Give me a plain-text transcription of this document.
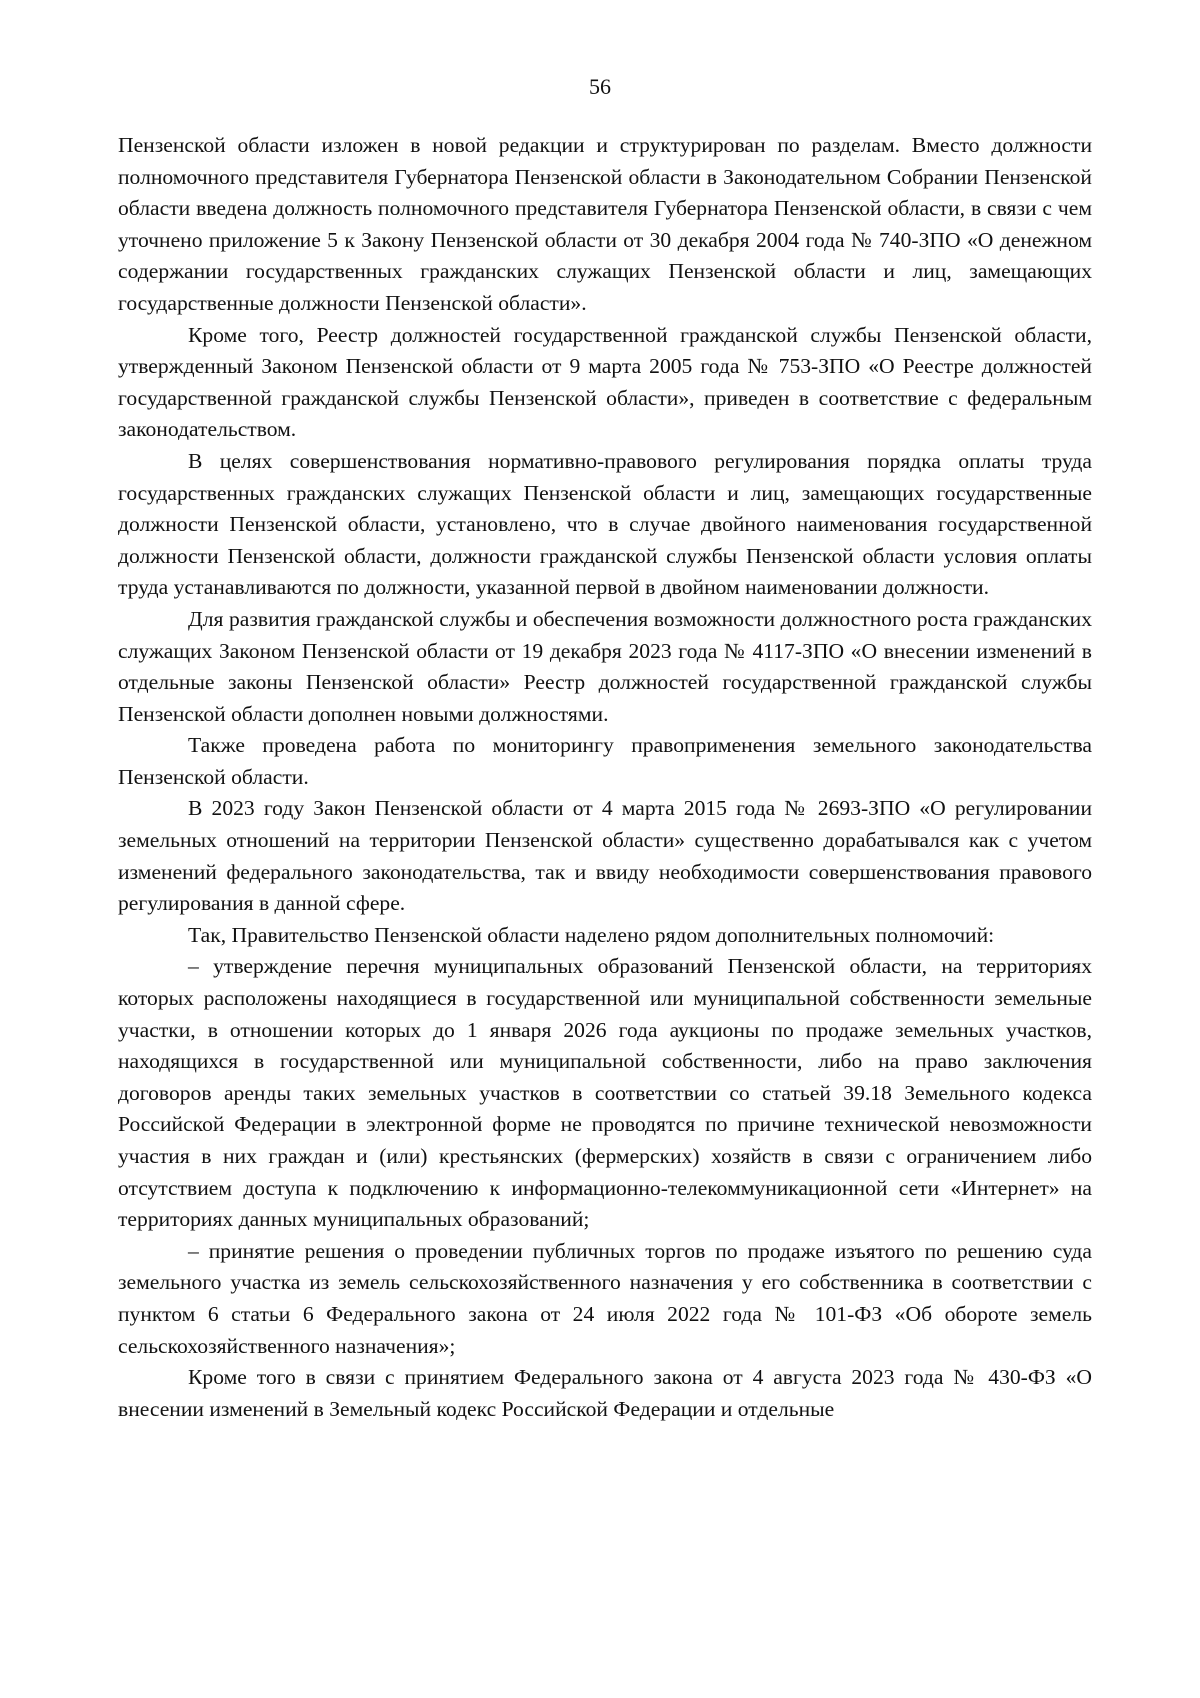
56

Пензенской области изложен в новой редакции и структурирован по разделам. Вместо должности полномочного представителя Губернатора Пензенской области в Законодательном Собрании Пензенской области введена должность полномочного представителя Губернатора Пензенской области, в связи с чем уточнено приложение 5 к Закону Пензенской области от 30 декабря 2004 года № 740-ЗПО «О денежном содержании государственных гражданских служащих Пензенской области и лиц, замещающих государственные должности Пензенской области».

Кроме того, Реестр должностей государственной гражданской службы Пензенской области, утвержденный Законом Пензенской области от 9 марта 2005 года № 753-ЗПО «О Реестре должностей государственной гражданской службы Пензенской области», приведен в соответствие с федеральным законодательством.

В целях совершенствования нормативно-правового регулирования порядка оплаты труда государственных гражданских служащих Пензенской области и лиц, замещающих государственные должности Пензенской области, установлено, что в случае двойного наименования государственной должности Пензенской области, должности гражданской службы Пензенской области условия оплаты труда устанавливаются по должности, указанной первой в двойном наименовании должности.

Для развития гражданской службы и обеспечения возможности должностного роста гражданских служащих Законом Пензенской области от 19 декабря 2023 года № 4117-ЗПО «О внесении изменений в отдельные законы Пензенской области» Реестр должностей государственной гражданской службы Пензенской области дополнен новыми должностями.

Также проведена работа по мониторингу правоприменения земельного законодательства Пензенской области.

В 2023 году Закон Пензенской области от 4 марта 2015 года № 2693-ЗПО «О регулировании земельных отношений на территории Пензенской области» существенно дорабатывался как с учетом изменений федерального законодательства, так и ввиду необходимости совершенствования правового регулирования в данной сфере.

Так, Правительство Пензенской области наделено рядом дополнительных полномочий:

– утверждение перечня муниципальных образований Пензенской области, на территориях которых расположены находящиеся в государственной или муниципальной собственности земельные участки, в отношении которых до 1 января 2026 года аукционы по продаже земельных участков, находящихся в государственной или муниципальной собственности, либо на право заключения договоров аренды таких земельных участков в соответствии со статьей 39.18 Земельного кодекса Российской Федерации в электронной форме не проводятся по причине технической невозможности участия в них граждан и (или) крестьянских (фермерских) хозяйств в связи с ограничением либо отсутствием доступа к подключению к информационно-телекоммуникационной сети «Интернет» на территориях данных муниципальных образований;

– принятие решения о проведении публичных торгов по продаже изъятого по решению суда земельного участка из земель сельскохозяйственного назначения у его собственника в соответствии с пунктом 6 статьи 6 Федерального закона от 24 июля 2022 года № 101-ФЗ «Об обороте земель сельскохозяйственного назначения»;

Кроме того в связи с принятием Федерального закона от 4 августа 2023 года № 430-ФЗ «О внесении изменений в Земельный кодекс Российской Федерации и отдельные
